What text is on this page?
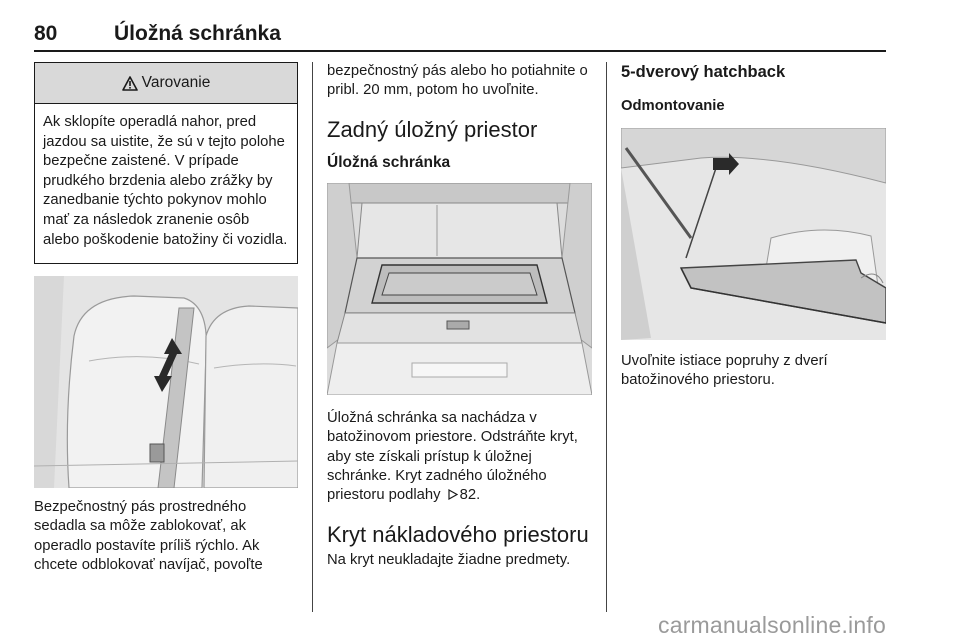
80	Úložná schránka
Varovanie
Ak sklopíte operadlá nahor, pred jazdou sa uistite, že sú v tejto polohe bezpečne zaistené. V prípade prudkého brzdenia alebo zrážky by zanedbanie týchto pokynov mohlo mať za následok zranenie osôb alebo poškodenie batožiny či vozidla.
Bezpečnostný pás prostredného sedadla sa môže zablokovať, ak operadlo postavíte príliš rýchlo. Ak chcete odblokovať navíjač, povoľte
bezpečnostný pás alebo ho potiahnite o pribl. 20 mm, potom ho uvoľnite.
Zadný úložný priestor
Úložná schránka
Úložná schránka sa nachádza v batožinovom priestore. Odstráňte kryt, aby ste získali prístup k úložnej schránke. Kryt zadného úložného priestoru podlahy 82.
Kryt nákladového priestoru
Na kryt neukladajte žiadne predmety.
5-dverový hatchback
Odmontovanie
Uvoľnite istiace popruhy z dverí batožinového priestoru.
carmanualsonline.info
